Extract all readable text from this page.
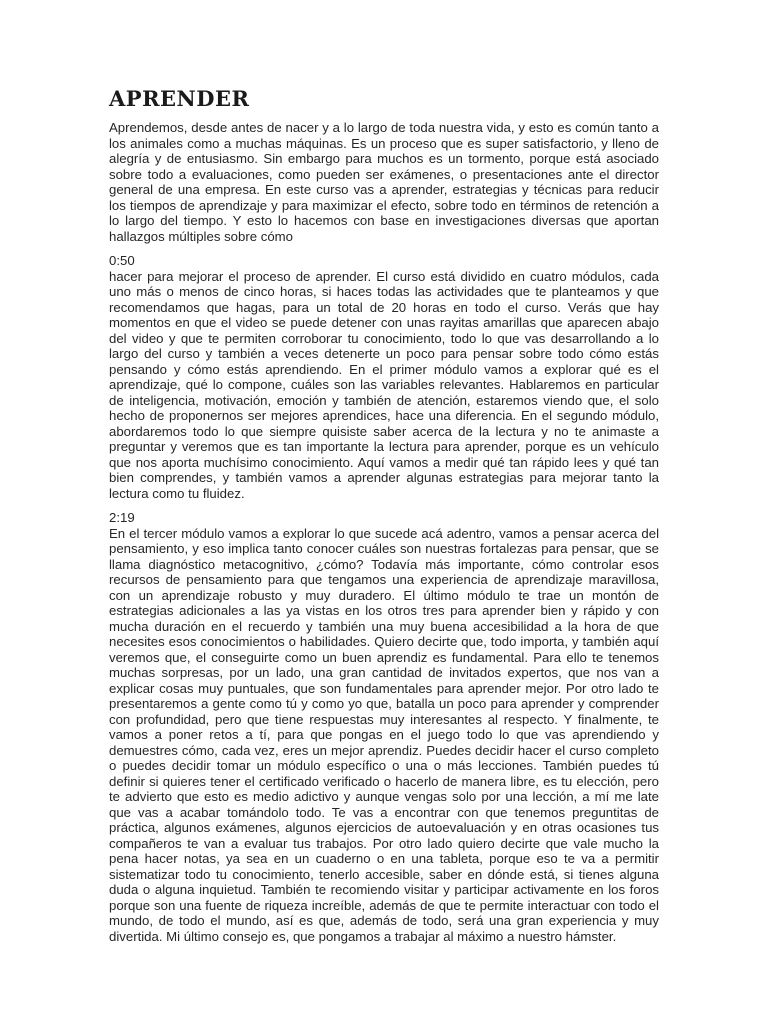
APRENDER

Aprendemos, desde antes de nacer y a lo largo de toda nuestra vida, y esto es común tanto a los animales como a muchas máquinas. Es un proceso que es super satisfactorio, y lleno de alegría y de entusiasmo. Sin embargo para muchos es un tormento, porque está asociado sobre todo a evaluaciones, como pueden ser exámenes, o presentaciones ante el director general de una empresa. En este curso vas a aprender, estrategias y técnicas para reducir los tiempos de aprendizaje y para maximizar el efecto, sobre todo en términos de retención a lo largo del tiempo. Y esto lo hacemos con base en investigaciones diversas que aportan hallazgos múltiples sobre cómo

0:50
hacer para mejorar el proceso de aprender. El curso está dividido en cuatro módulos, cada uno más o menos de cinco horas, si haces todas las actividades que te planteamos y que recomendamos que hagas, para un total de 20 horas en todo el curso. Verás que hay momentos en que el video se puede detener con unas rayitas amarillas que aparecen abajo del video y que te permiten corroborar tu conocimiento, todo lo que vas desarrollando a lo largo del curso y también a veces detenerte un poco para pensar sobre todo cómo estás pensando y cómo estás aprendiendo. En el primer módulo vamos a explorar qué es el aprendizaje, qué lo compone, cuáles son las variables relevantes. Hablaremos en particular de inteligencia, motivación, emoción y también de atención, estaremos viendo que, el solo hecho de proponernos ser mejores aprendices, hace una diferencia. En el segundo módulo, abordaremos todo lo que siempre quisiste saber acerca de la lectura y no te animaste a preguntar y veremos que es tan importante la lectura para aprender, porque es un vehículo que nos aporta muchísimo conocimiento. Aquí vamos a medir qué tan rápido lees y qué tan bien comprendes, y también vamos a aprender algunas estrategias para mejorar tanto la lectura como tu fluidez.

2:19
En el tercer módulo vamos a explorar lo que sucede acá adentro, vamos a pensar acerca del pensamiento, y eso implica tanto conocer cuáles son nuestras fortalezas para pensar, que se llama diagnóstico metacognitivo, ¿cómo? Todavía más importante, cómo controlar esos recursos de pensamiento para que tengamos una experiencia de aprendizaje maravillosa, con un aprendizaje robusto y muy duradero. El último módulo te trae un montón de estrategias adicionales a las ya vistas en los otros tres para aprender bien y rápido y con mucha duración en el recuerdo y también una muy buena accesibilidad a la hora de que necesites esos conocimientos o habilidades. Quiero decirte que, todo importa, y también aquí veremos que, el conseguirte como un buen aprendiz es fundamental. Para ello te tenemos muchas sorpresas, por un lado, una gran cantidad de invitados expertos, que nos van a explicar cosas muy puntuales, que son fundamentales para aprender mejor. Por otro lado te presentaremos a gente como tú y como yo que, batalla un poco para aprender y comprender con profundidad, pero que tiene respuestas muy interesantes al respecto. Y finalmente, te vamos a poner retos a tí, para que pongas en el juego todo lo que vas aprendiendo y demuestres cómo, cada vez, eres un mejor aprendiz. Puedes decidir hacer el curso completo o puedes decidir tomar un módulo específico o una o más lecciones. También puedes tú definir si quieres tener el certificado verificado o hacerlo de manera libre, es tu elección, pero te advierto que esto es medio adictivo y aunque vengas solo por una lección, a mí me late que vas a acabar tomándolo todo. Te vas a encontrar con que tenemos preguntitas de práctica, algunos exámenes, algunos ejercicios de autoevaluación y en otras ocasiones tus compañeros te van a evaluar tus trabajos. Por otro lado quiero decirte que vale mucho la pena hacer notas, ya sea en un cuaderno o en una tableta, porque eso te va a permitir sistematizar todo tu conocimiento, tenerlo accesible, saber en dónde está, si tienes alguna duda o alguna inquietud. También te recomiendo visitar y participar activamente en los foros porque son una fuente de riqueza increíble, además de que te permite interactuar con todo el mundo, de todo el mundo, así es que, además de todo, será una gran experiencia y muy divertida. Mi último consejo es, que pongamos a trabajar al máximo a nuestro hámster.
